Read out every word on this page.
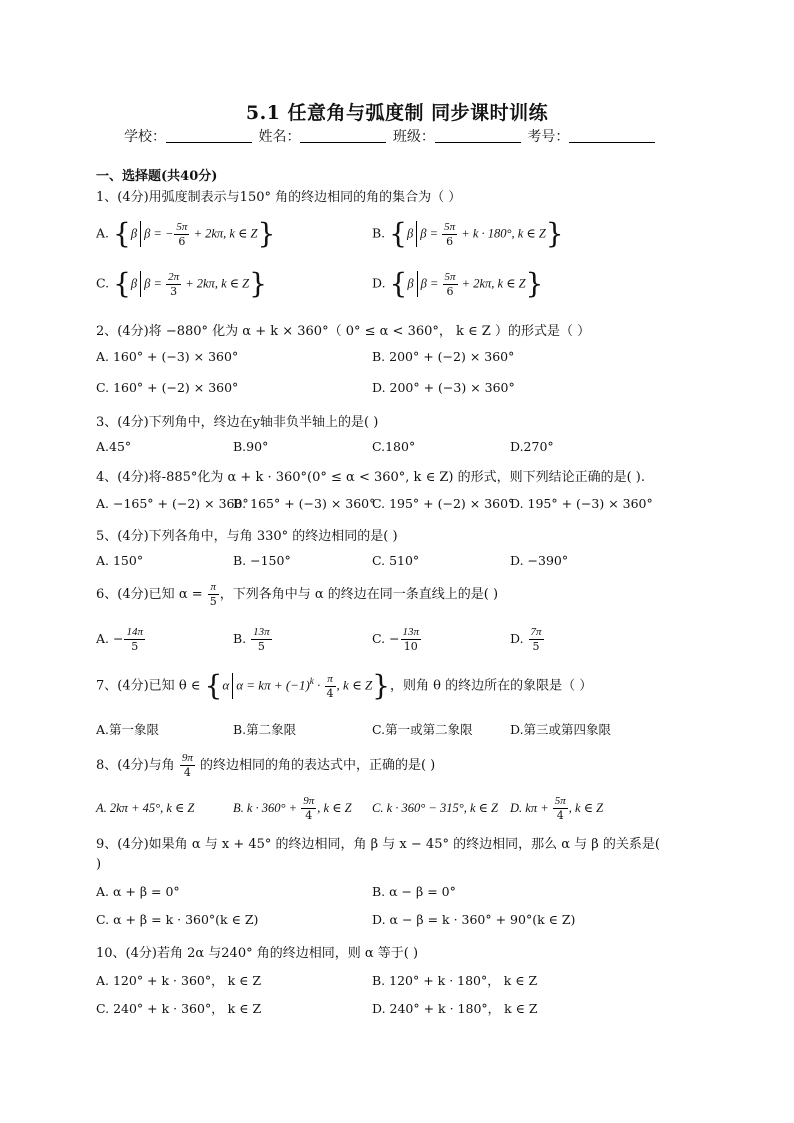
5.1 任意角与弧度制 同步课时训练
学校：	姓名：	班级：	考号：
一、选择题(共40分)
1、(4分)用弧度制表示与150° 角的终边相同的角的集合为（ ）
A. {β β = − $\frac{5\pi}{6} + 2k\pi$, k ∈ Z}	B. {β $\beta = \frac{5\pi}{6} + k \cdot 180^\circ$, k ∈ Z}
C. {β $\beta = \frac{2\pi}{3} + 2k\pi$, k ∈ Z}	D. {β $\beta = \frac{5\pi}{6} + 2k\pi$, k ∈ Z}
2、(4分)将 −880° 化为 α + k × 360°（ 0° ≤ α < 360°， k ∈ Z ）的形式是（ ）
A. 160° + (−3) × 360°	B. 200° + (−2) × 360°
C. 160° + (−2) × 360°	D. 200° + (−3) × 360°
3、(4分)下列角中，终边在y轴非负半轴上的是( )
A.45°	B.90°	C.180°	D.270°
4、(4分)将-885°化为 α + k · 360°(0° ≤ α < 360°, k ∈ Z) 的形式，则下列结论正确的是( ).
A. −165° + (−2) × 360°
B. 165° + (−3) × 360°
C. 195° + (−2) × 360°
D. 195° + (−3) × 360°
5、(4分)下列各角中，与角 330° 的终边相同的是( )
A. 150°	B. −150°	C. 510°	D. −390°
6、(4分)已知 $\alpha = \frac{\pi}{5}$ ，下列各角中与 α 的终边在同一条直线上的是( )
A. − $\frac{14\pi}{5}$	B. $\frac{13\pi}{5}$	C. − $\frac{13\pi}{10}$	D. $\frac{7\pi}{5}$
7、(4分)已知 θ ∈ {α $\alpha = k\pi + (-1)^k \cdot \frac{\pi}{4}$ , k ∈ Z}，则角 θ 的终边所在的象限是（ ）
A.第一象限	B.第二象限	C.第一或第二象限	D.第三或第四象限
8、(4分)与角 $\frac{9\pi}{4}$ 的终边相同的角的表达式中，正确的是( )
A. 2kπ + 45°, k ∈ Z	B. $k \cdot 360^\circ + \frac{9\pi}{4}$ , k ∈ Z C. k · 360° − 315°, k ∈ Z D. $k\pi + \frac{5\pi}{4}$ , k ∈ Z
9、(4分)如果角 α 与 x + 45° 的终边相同，角 β 与 x − 45° 的终边相同，那么 α 与 β 的关系是(
)
A. α + β = 0°	B. α − β = 0°
C. α + β = k · 360°(k ∈ Z)	D. α − β = k · 360° + 90°(k ∈ Z)
10、(4分)若角 2α 与240° 角的终边相同，则 α 等于( )
A. 120° + k · 360°， k ∈ Z	B. 120° + k · 180°， k ∈ Z
C. 240° + k · 360°， k ∈ Z	D. 240° + k · 180°， k ∈ Z
